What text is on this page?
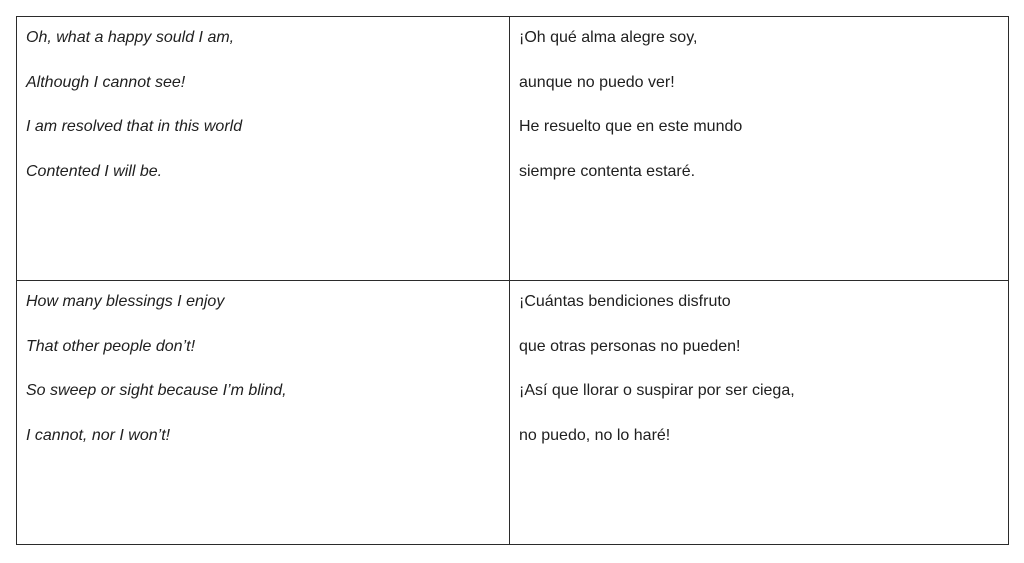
Oh, what a happy sould I am,
Although I cannot see!
I am resolved that in this world
Contented I will be.
¡Oh qué alma alegre soy,
aunque no puedo ver!
He resuelto que en este mundo
siempre contenta estaré.
How many blessings I enjoy
That other people don’t!
So sweep or sight because I’m blind,
I cannot, nor I won’t!
¡Cuántas bendiciones disfruto
que otras personas no pueden!
¡Así que llorar o suspirar por ser ciega,
no puedo, no lo haré!
